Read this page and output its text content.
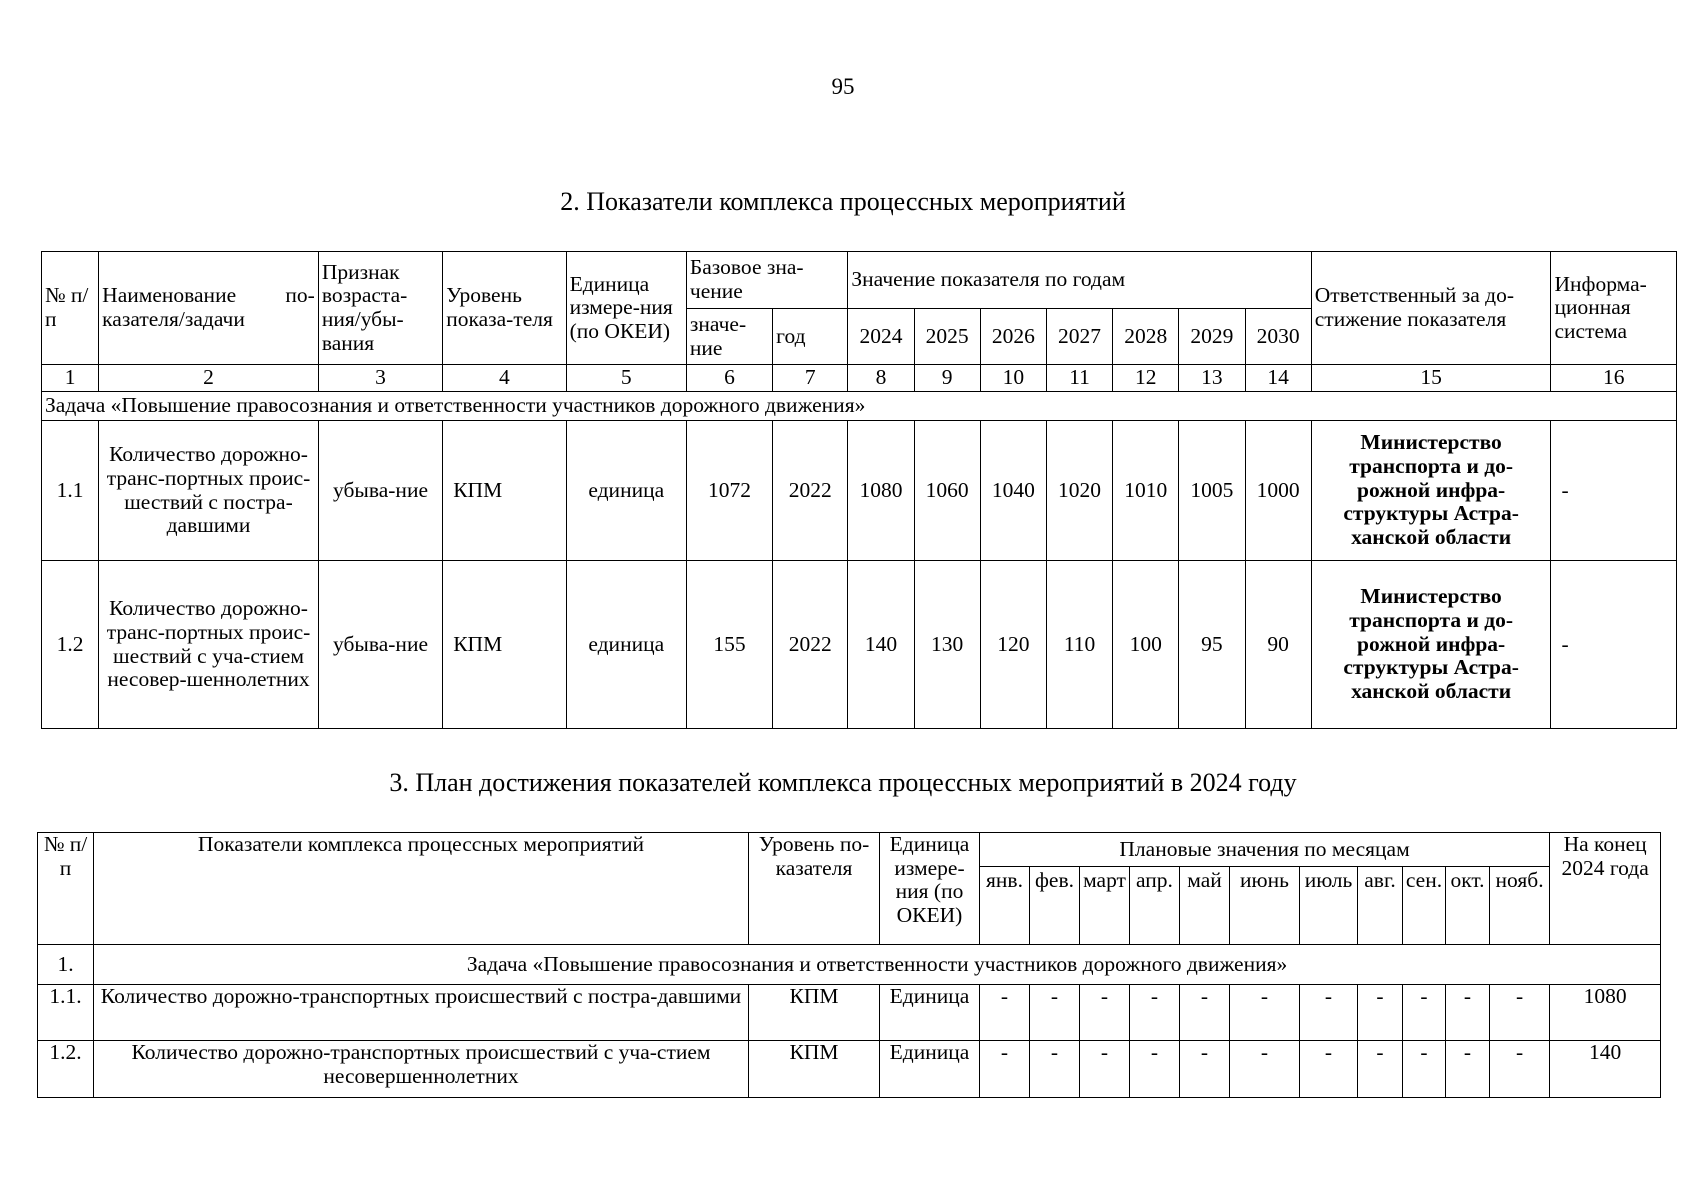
95
2. Показатели комплекса процессных мероприятий
№ п/п	Наименование по-казателя/задачи	Признак возраста-ния/убы-вания	Уровень показа-теля	Единица измере-ния (по ОКЕИ)	Базовое зна-чение		Значение показателя по годам							Ответственный за до-стижение показателя	Информа-ционная система
					значе-ние	год	2024	2025	2026	2027	2028	2029	2030		
1	2	3	4	5	6	7	8	9	10	11	12	13	14	15	16
Задача «Повышение правосознания и ответственности участников дорожного движения»															
1.1	Количество дорожно-транс-портных проис-шествий с постра-давшими	убыва-ние	КПМ	единица	1072	2022	1080	1060	1040	1020	1010	1005	1000	Министерство транспорта и до-рожной инфра-структуры Астра-ханской области	-
1.2	Количество дорожно-транс-портных проис-шествий с уча-стием несовер-шеннолетних	убыва-ние	КПМ	единица	155	2022	140	130	120	110	100	95	90	Министерство транспорта и до-рожной инфра-структуры Астра-ханской области	-
3. План достижения показателей комплекса процессных мероприятий в 2024 году
№ п/п	Показатели комплекса процессных мероприятий	Уровень по-казателя	Единица измере-ния (по ОКЕИ)	Плановые значения по месяцам											На конец 2024 года
				янв.	фев.	март	апр.	май	июнь	июль	авг.	сен.	окт.	нояб.	
1.	Задача «Повышение правосознания и ответственности участников дорожного движения»														
1.1.	Количество дорожно-транспортных происшествий с постра-давшими	КПМ	Единица	-	-	-	-	-	-	-	-	-	-	-	1080
1.2.	Количество дорожно-транспортных происшествий с уча-стием несовершеннолетних	КПМ	Единица	-	-	-	-	-	-	-	-	-	-	-	140
